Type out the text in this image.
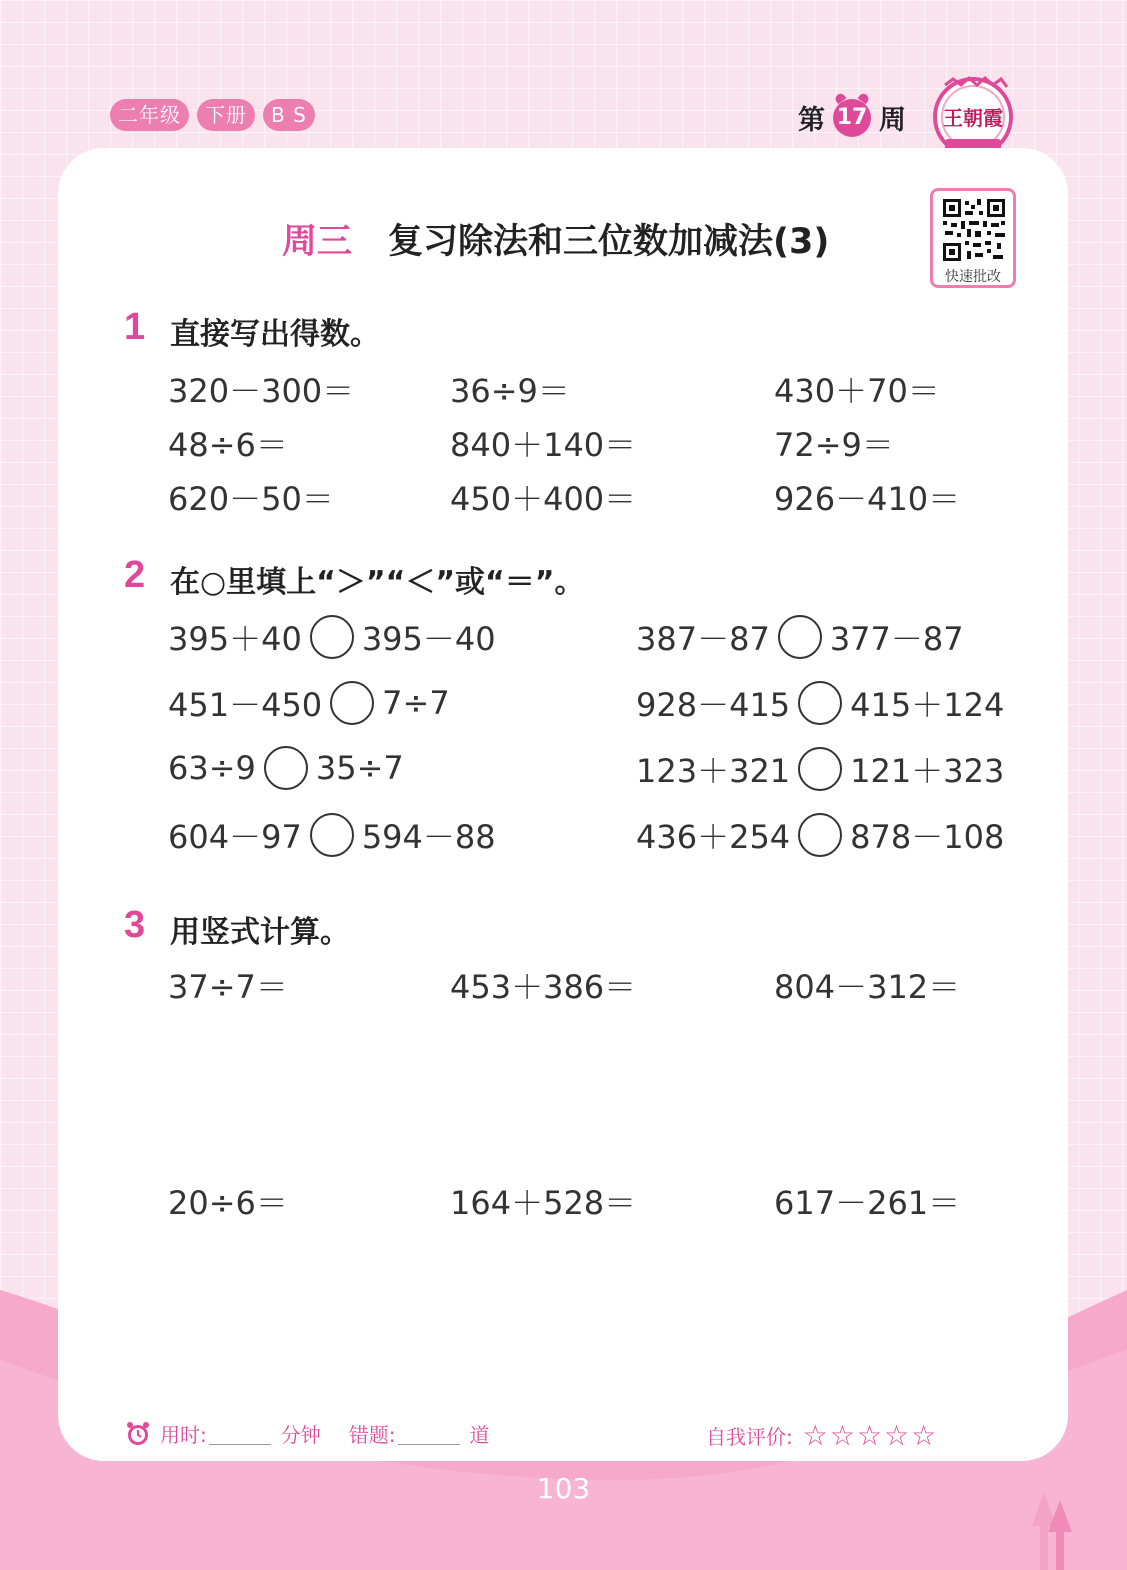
二年级	下册	B S	第 17 周 王朝霞
周三 复习除法和三位数加减法(3)
快速批改
1 直接写出得数。
320－300＝	36÷9＝	430＋70＝
48÷6＝	840＋140＝	72÷9＝
620－50＝	450＋400＝	926－410＝
2 在○里填上“＞”“＜”或“＝”。
395＋40 395－40	387－87 377－87
451－450 7÷7	928－415 415＋124
63÷9 35÷7	123＋321 121＋323
604－97 594－88	436＋254 878－108
3 用竖式计算。
37÷7＝	453＋386＝	804－312＝
20÷6＝	164＋528＝	617－261＝
用时:	分钟 错题:	道	自我评价: ☆☆☆☆☆
103
